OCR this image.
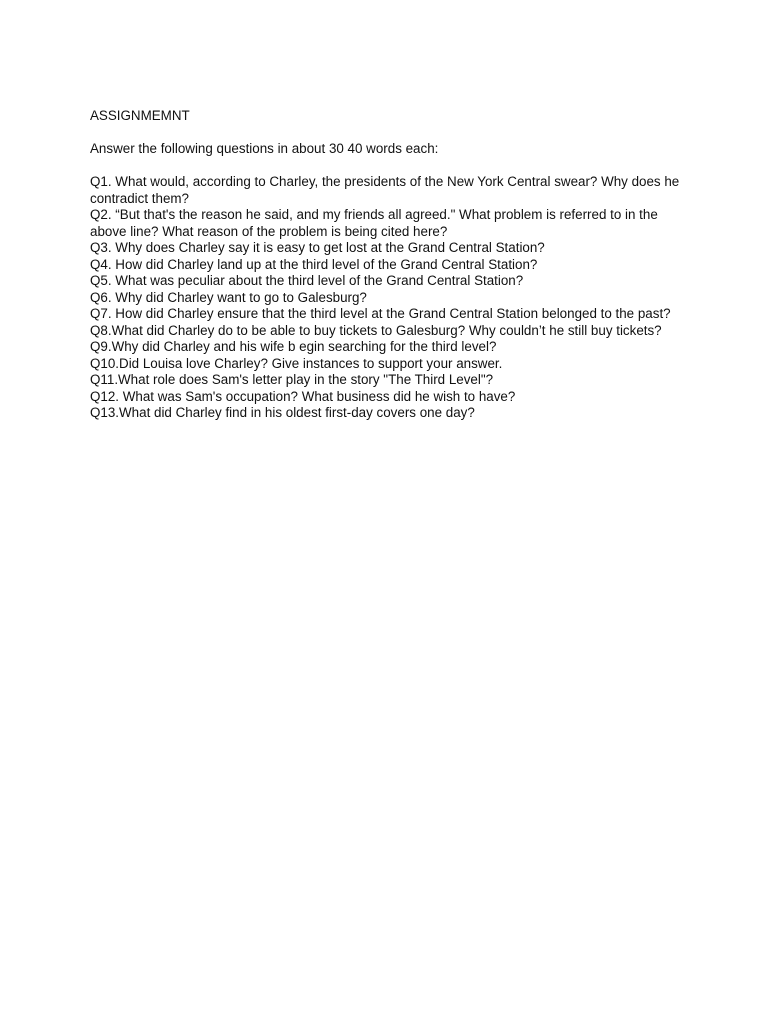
ASSIGNMEMNT

Answer the following questions in about 30 40 words each:

Q1. What would, according to Charley, the presidents of the New York Central swear? Why does he contradict them?

Q2. “But that's the reason he said, and my friends all agreed." What problem is referred to in the above line? What reason of the problem is being cited here?

Q3. Why does Charley say it is easy to get lost at the Grand Central Station?

Q4. How did Charley land up at the third level of the Grand Central Station?

Q5. What was peculiar about the third level of the Grand Central Station?

Q6. Why did Charley want to go to Galesburg?

Q7. How did Charley ensure that the third level at the Grand Central Station belonged to the past?

Q8.What did Charley do to be able to buy tickets to Galesburg? Why couldn’t he still buy tickets?

Q9.Why did Charley and his wife b egin searching for the third level?

Q10.Did Louisa love Charley? Give instances to support your answer.

Q11.What role does Sam's letter play in the story "The Third Level"?

Q12. What was Sam's occupation? What business did he wish to have?

Q13.What did Charley find in his oldest first-day covers one day?
